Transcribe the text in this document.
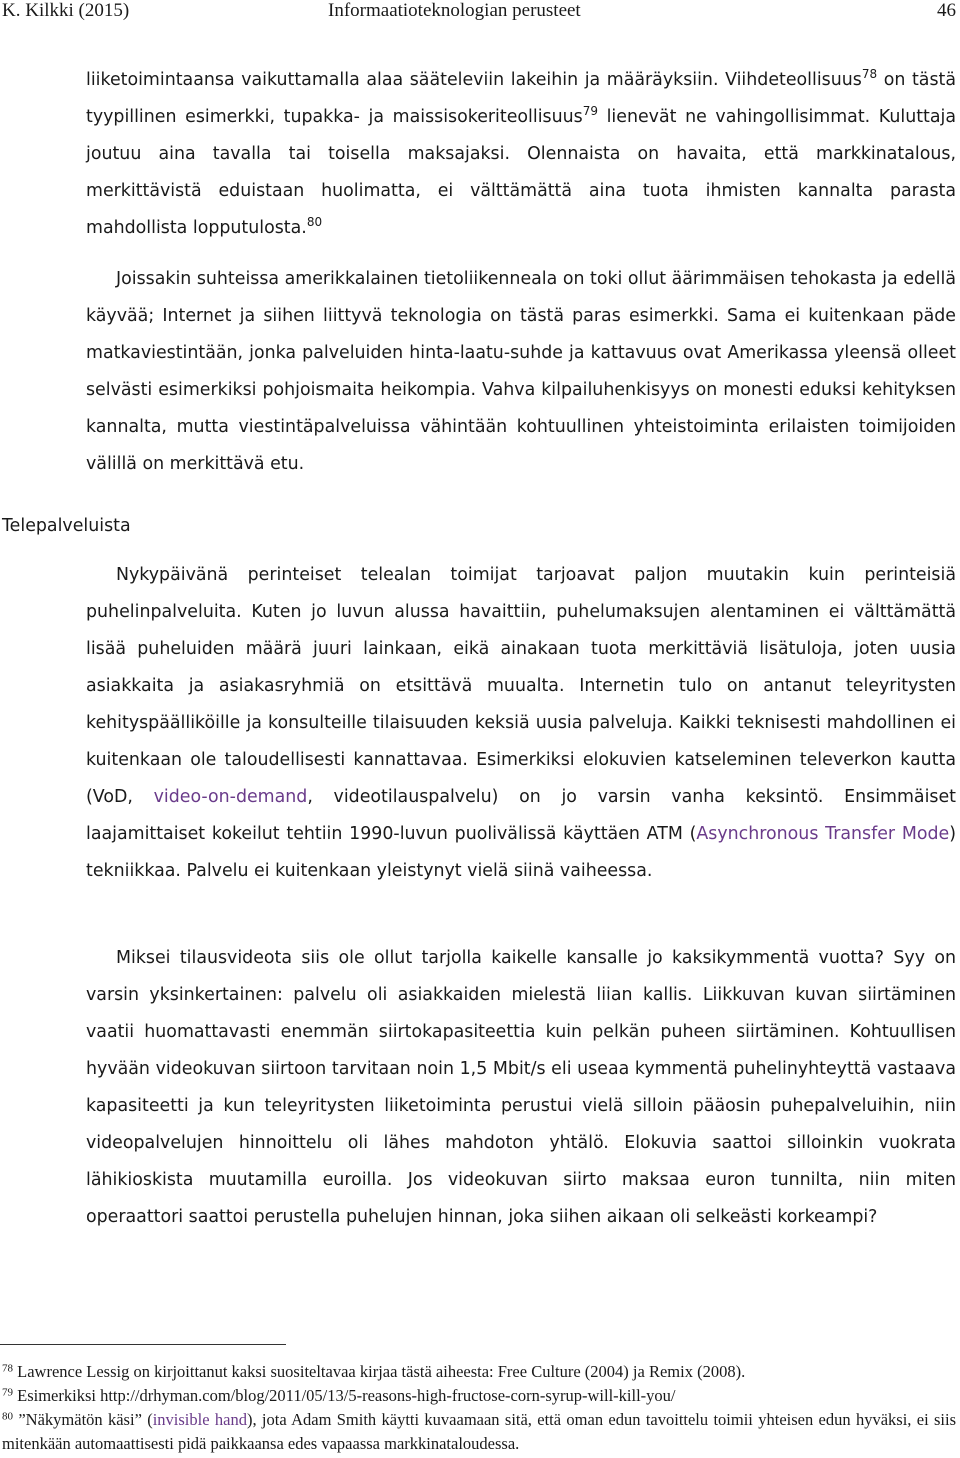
K. Kilkki (2015)	Informaatioteknologian perusteet	46

liiketoimintaansa vaikuttamalla alaa sääteleviin lakeihin ja määräyksiin. Viihdeteollisuus$^{78}$ on tästä tyypillinen esimerkki, tupakka- ja maissisokeriteollisuus$^{79}$ lienevät ne vahingollisimmat. Kuluttaja joutuu aina tavalla tai toisella maksajaksi. Olennaista on havaita, että markkinatalous, merkittävistä eduistaan huolimatta, ei välttämättä aina tuota ihmisten kannalta parasta mahdollista lopputulosta.$^{80}$

Joissakin suhteissa amerikkalainen tietoliikenneala on toki ollut äärimmäisen tehokasta ja edellä käyvää; Internet ja siihen liittyvä teknologia on tästä paras esimerkki. Sama ei kuitenkaan päde matkaviestintään, jonka palveluiden hinta-laatu-suhde ja kattavuus ovat Amerikassa yleensä olleet selvästi esimerkiksi pohjoismaita heikompia. Vahva kilpailuhenkisyys on monesti eduksi kehityksen kannalta, mutta viestintäpalveluissa vähintään kohtuullinen yhteistoiminta erilaisten toimijoiden välillä on merkittävä etu.

Telepalveluista

Nykypäivänä perinteiset telealan toimijat tarjoavat paljon muutakin kuin perinteisiä puhelinpalveluita. Kuten jo luvun alussa havaittiin, puhelumaksujen alentaminen ei välttämättä lisää puheluiden määrä juuri lainkaan, eikä ainakaan tuota merkittäviä lisätuloja, joten uusia asiakkaita ja asiakasryhmiä on etsittävä muualta. Internetin tulo on antanut teleyritysten kehityspäälliköille ja konsulteille tilaisuuden keksiä uusia palveluja. Kaikki teknisesti mahdollinen ei kuitenkaan ole taloudellisesti kannattavaa. Esimerkiksi elokuvien katseleminen televerkon kautta (VoD, video-on-demand, videotilauspalvelu) on jo varsin vanha keksintö. Ensimmäiset laajamittaiset kokeilut tehtiin 1990-luvun puolivälissä käyttäen ATM (Asynchronous Transfer Mode) tekniikkaa. Palvelu ei kuitenkaan yleistynyt vielä siinä vaiheessa.

Miksei tilausvideota siis ole ollut tarjolla kaikelle kansalle jo kaksikymmentä vuotta? Syy on varsin yksinkertainen: palvelu oli asiakkaiden mielestä liian kallis. Liikkuvan kuvan siirtäminen vaatii huomattavasti enemmän siirtokapasiteettia kuin pelkän puheen siirtäminen. Kohtuullisen hyvään videokuvan siirtoon tarvitaan noin 1,5 Mbit/s eli useaa kymmentä puhelinyhteyttä vastaava kapasiteetti ja kun teleyritysten liiketoiminta perustui vielä silloin pääosin puhepalveluihin, niin videopalvelujen hinnoittelu oli lähes mahdoton yhtälö. Elokuvia saattoi silloinkin vuokrata lähikioskista muutamilla euroilla. Jos videokuvan siirto maksaa euron tunnilta, niin miten operaattori saattoi perustella puhelujen hinnan, joka siihen aikaan oli selkeästi korkeampi?

$^{78}$ Lawrence Lessig on kirjoittanut kaksi suositeltavaa kirjaa tästä aiheesta: Free Culture (2004) ja Remix (2008).

$^{79}$ Esimerkiksi http://drhyman.com/blog/2011/05/13/5-reasons-high-fructose-corn-syrup-will-kill-you/

$^{80}$ ”Näkymätön käsi” (invisible hand), jota Adam Smith käytti kuvaamaan sitä, että oman edun tavoittelu toimii yhteisen edun hyväksi, ei siis mitenkään automaattisesti pidä paikkaansa edes vapaassa markkinataloudessa.
